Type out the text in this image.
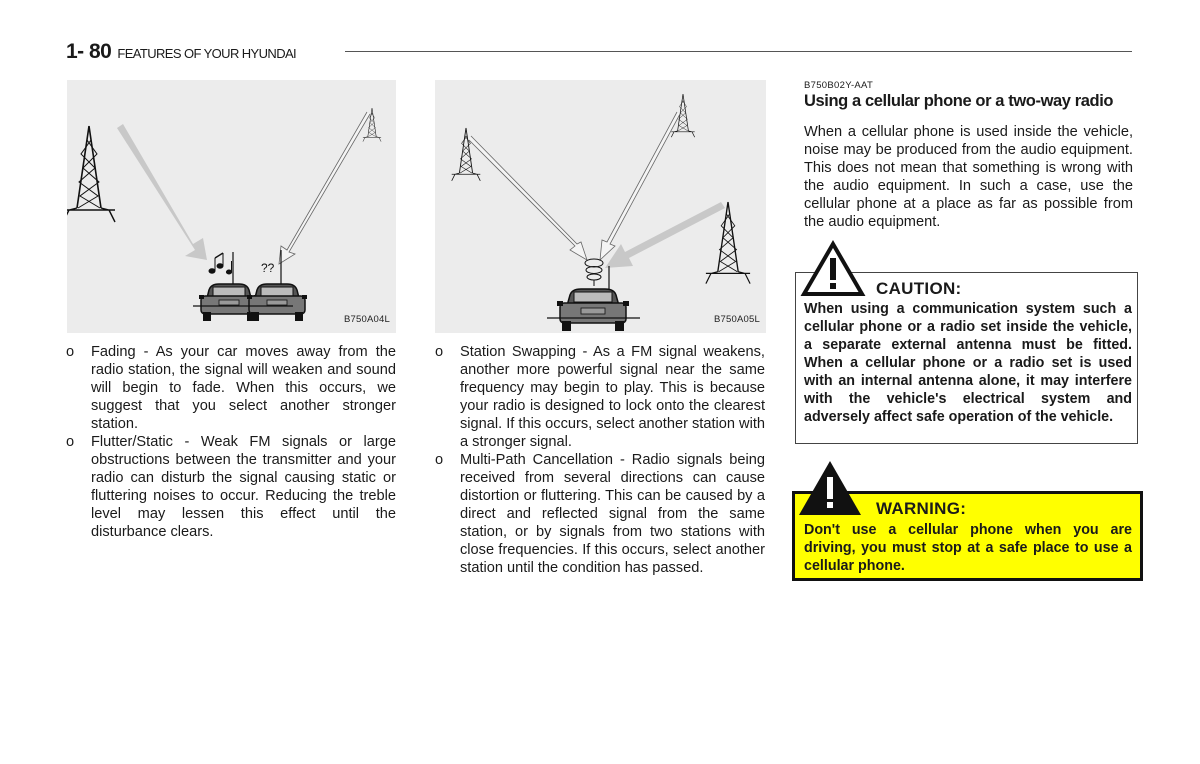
1- 80 FEATURES OF YOUR HYUNDAI
??
B750A04L	B750A05L
o	Fading - As your car moves away from the radio station, the signal will weaken and sound will begin to fade. When this occurs, we suggest that you select another stronger station.
o	Flutter/Static - Weak FM signals or large obstructions between the transmitter and your radio can disturb the signal causing static or fluttering noises to occur. Reducing the treble level may lessen this effect until the disturbance clears.
o	Station Swapping - As a FM signal weakens, another more powerful signal near the same frequency may begin to play. This is because your radio is designed to lock onto the clearest signal. If this occurs, select another station with a stronger signal.
o	Multi-Path Cancellation - Radio signals being received from several directions can cause distortion or fluttering. This can be caused by a direct and reflected signal from the same station, or by signals from two stations with close frequencies. If this occurs, select another station until the condition has passed.
B750B02Y-AAT
Using a cellular phone or a two-way radio
When a cellular phone is used inside the vehicle, noise may be produced from the audio equipment. This does not mean that something is wrong with the audio equipment. In such a case, use the cellular phone at a place as far as possible from the audio equipment.
CAUTION:
When using a communication system such a cellular phone or a radio set inside the vehicle, a separate external antenna must be fitted. When a cellular phone or a radio set is used with an internal antenna alone, it may interfere with the vehicle's electrical system and adversely affect safe operation of the vehicle.
WARNING:
Don't use a cellular phone when you are driving, you must stop at a safe place to use a cellular phone.
